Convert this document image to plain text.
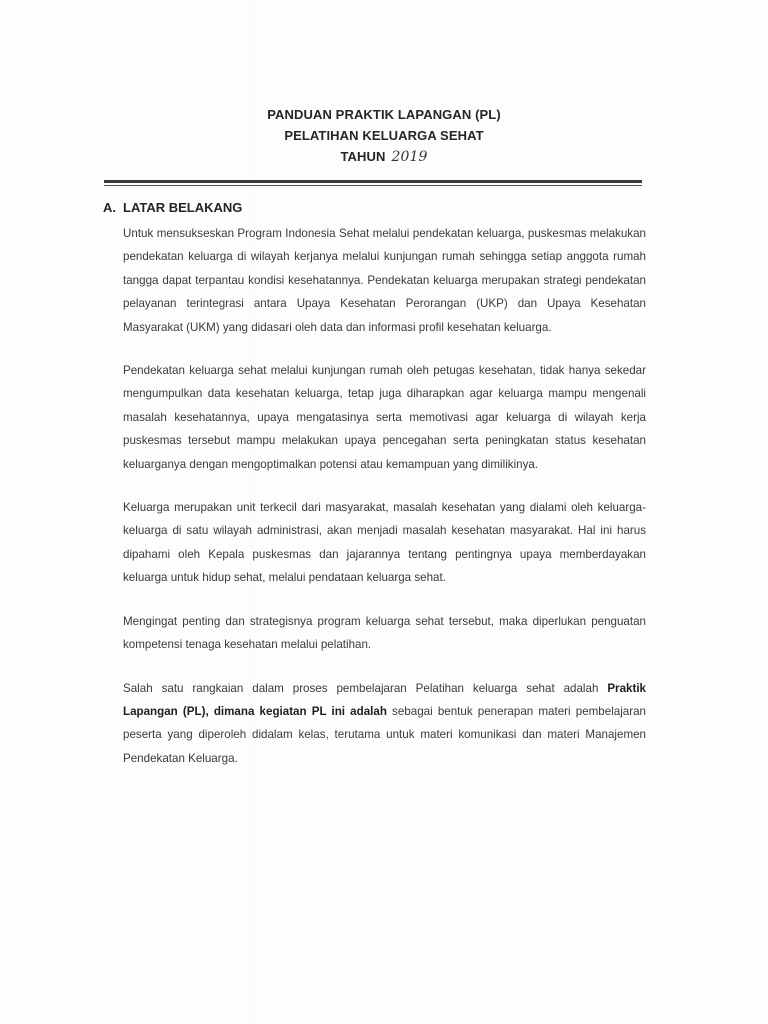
PANDUAN PRAKTIK LAPANGAN (PL)
PELATIHAN KELUARGA SEHAT
TAHUN 2019
A. LATAR BELAKANG

Untuk mensukseskan Program Indonesia Sehat melalui pendekatan keluarga, puskesmas melakukan pendekatan keluarga di wilayah kerjanya melalui kunjungan rumah sehingga setiap anggota rumah tangga dapat terpantau kondisi kesehatannya. Pendekatan keluarga merupakan strategi pendekatan pelayanan terintegrasi antara Upaya Kesehatan Perorangan (UKP) dan Upaya Kesehatan Masyarakat (UKM) yang didasari oleh data dan informasi profil kesehatan keluarga.

Pendekatan keluarga sehat melalui kunjungan rumah oleh petugas kesehatan, tidak hanya sekedar mengumpulkan data kesehatan keluarga, tetap juga diharapkan agar keluarga mampu mengenali masalah kesehatannya, upaya mengatasinya serta memotivasi agar keluarga di wilayah kerja puskesmas tersebut mampu melakukan upaya pencegahan serta peningkatan status kesehatan keluarganya dengan mengoptimalkan potensi atau kemampuan yang dimilikinya.

Keluarga merupakan unit terkecil dari masyarakat, masalah kesehatan yang dialami oleh keluarga-keluarga di satu wilayah administrasi, akan menjadi masalah kesehatan masyarakat. Hal ini harus dipahami oleh Kepala puskesmas dan jajarannya tentang pentingnya upaya memberdayakan keluarga untuk hidup sehat, melalui pendataan keluarga sehat.

Mengingat penting dan strategisnya program keluarga sehat tersebut, maka diperlukan penguatan kompetensi tenaga kesehatan melalui pelatihan.

Salah satu rangkaian dalam proses pembelajaran Pelatihan keluarga sehat adalah Praktik Lapangan (PL), dimana kegiatan PL ini adalah sebagai bentuk penerapan materi pembelajaran peserta yang diperoleh didalam kelas, terutama untuk materi komunikasi dan materi Manajemen Pendekatan Keluarga.
